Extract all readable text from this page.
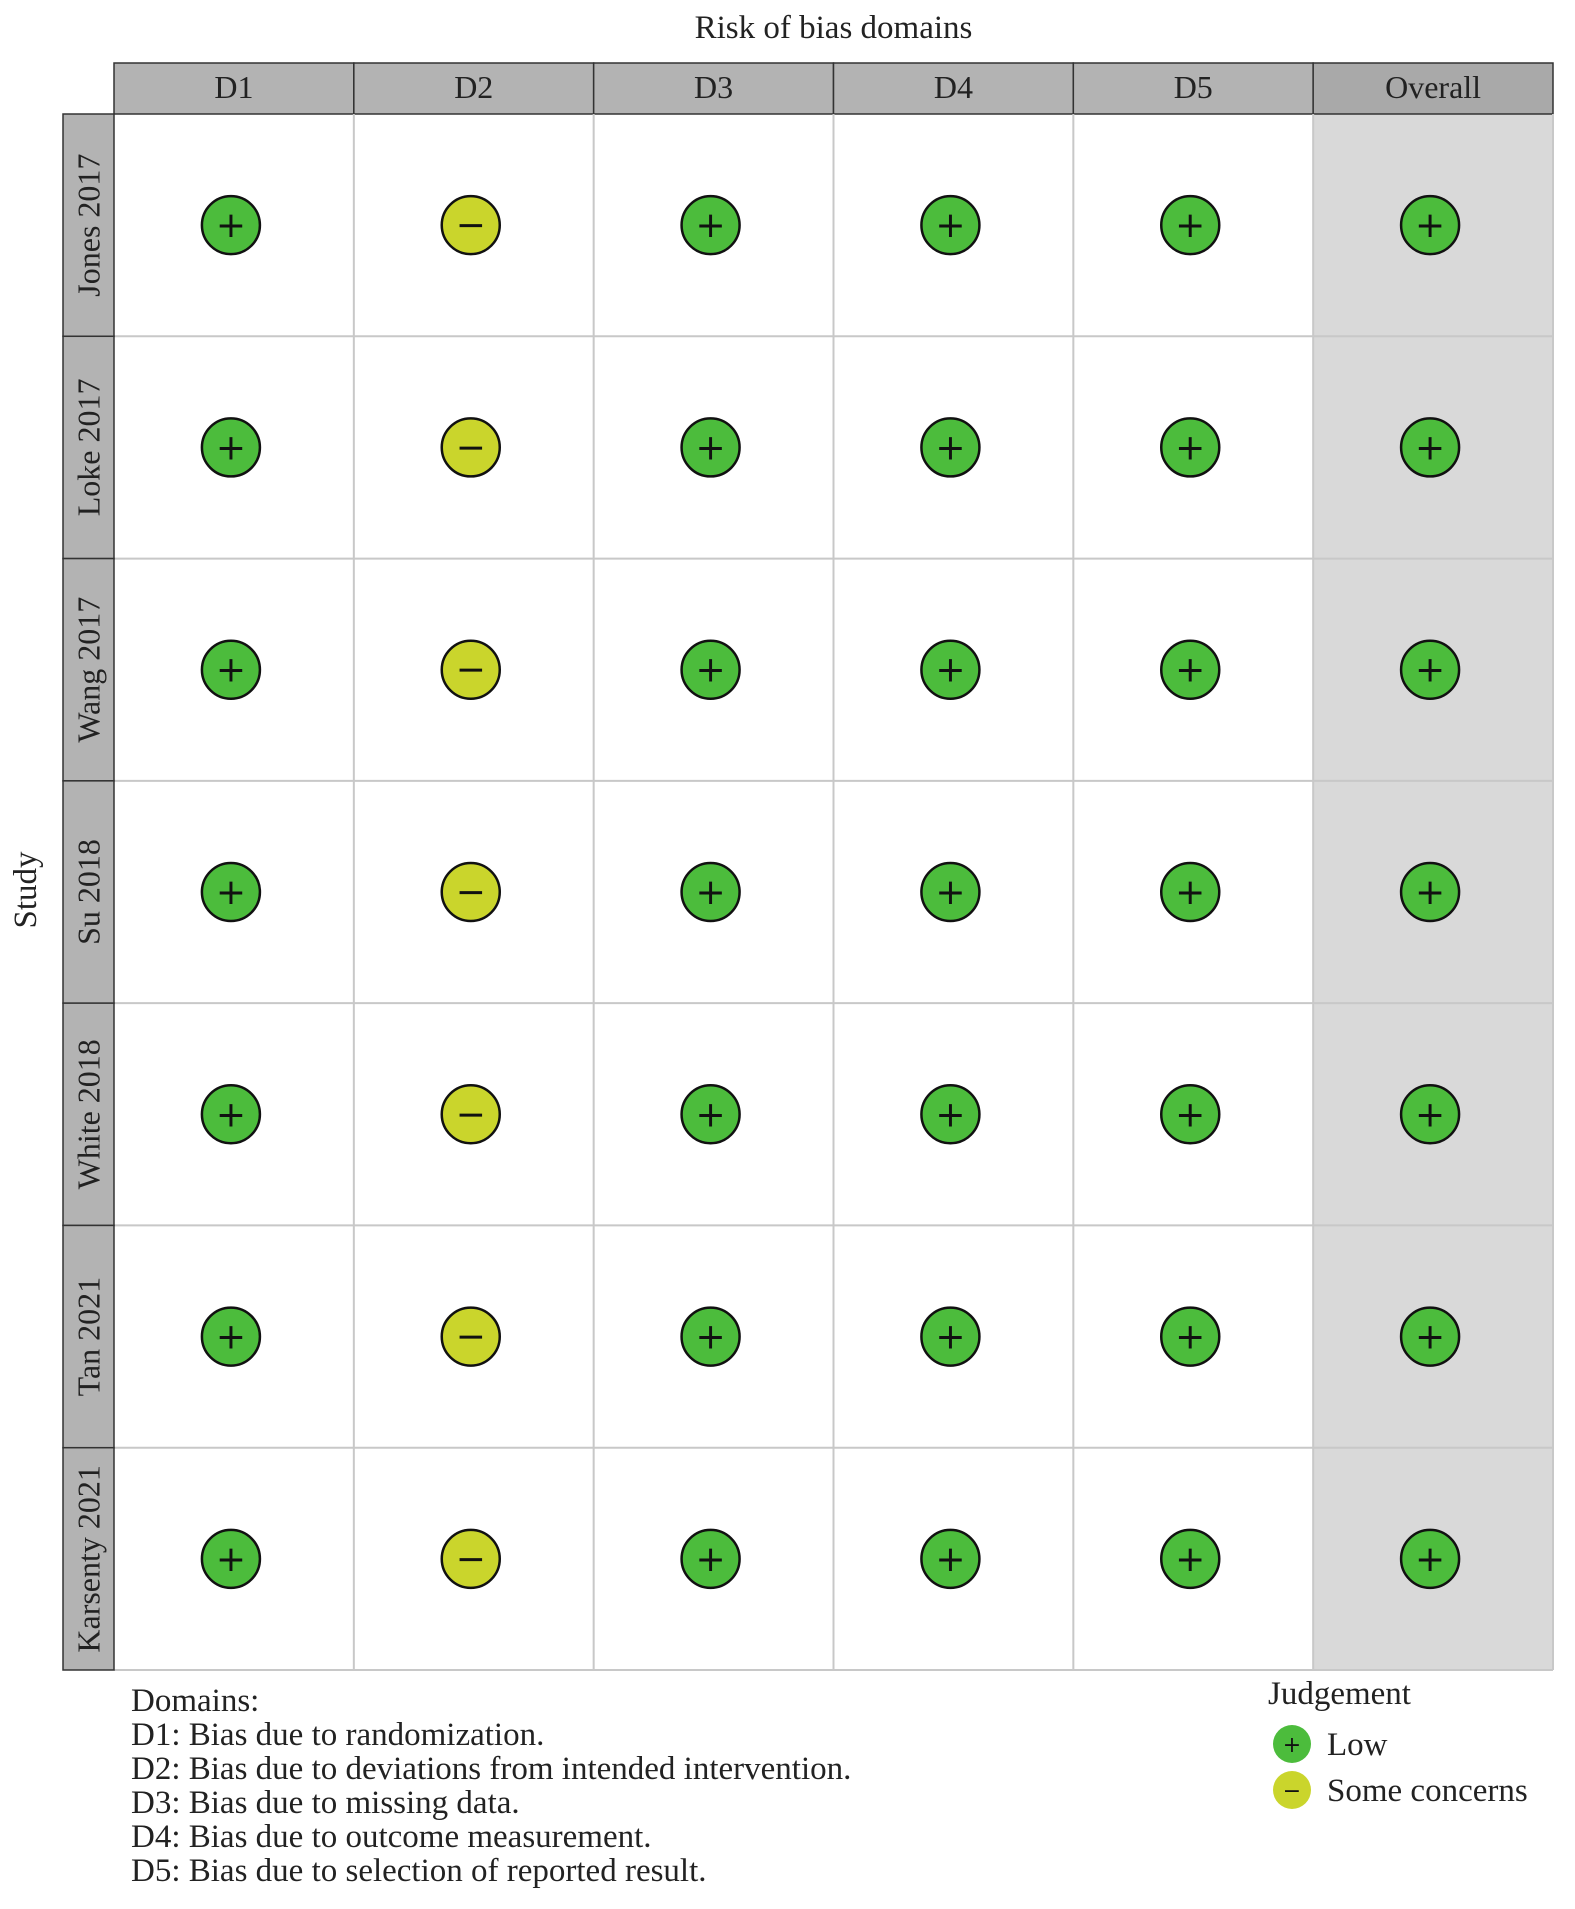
D1	D2	D3	D4	D5	Overall
Jones 2017	+	−	+	+	+	+
Loke 2017	+	−	+	+	+	+
Wang 2017	+	−	+	+	+	+
Su 2018	+	−	+	+	+	+
White 2018	+	−	+	+	+	+
Tan 2021	+	−	+	+	+	+
Karsenty 2021	+	−	+	+	+	+
Risk of bias domains
Study
Judgement
+ Low
− Some concerns
Domains:
D1: Bias due to randomization.
D2: Bias due to deviations from intended intervention.
D3: Bias due to missing data.
D4: Bias due to outcome measurement.
D5: Bias due to selection of reported result.
